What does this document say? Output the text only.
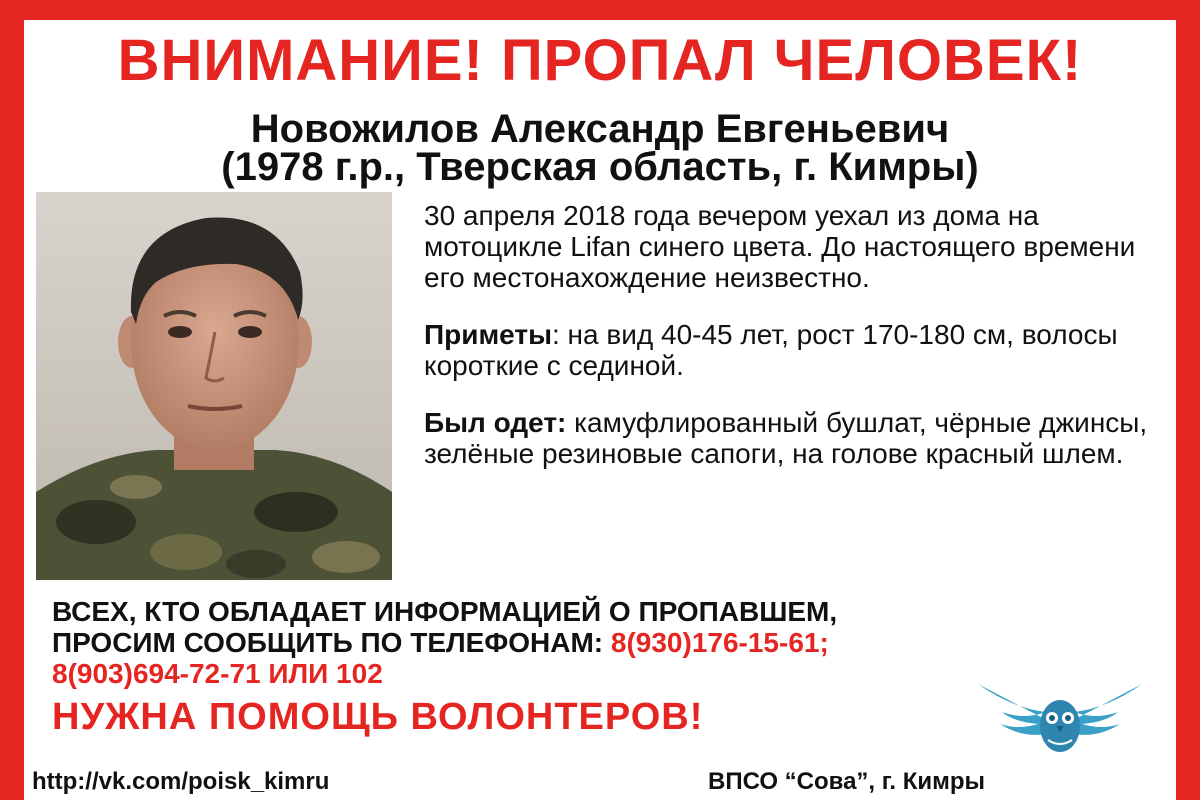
ВНИМАНИЕ! ПРОПАЛ ЧЕЛОВЕК!
Новожилов Александр Евгеньевич
(1978 г.р., Тверская область, г. Кимры)

30 апреля 2018 года вечером уехал из дома на мотоцикле Lifan синего цвета. До настоящего времени его местонахождение неизвестно.

Приметы: на вид 40-45 лет, рост 170-180 см, волосы короткие с сединой.

Был одет: камуфлированный бушлат, чёрные джинсы, зелёные резиновые сапоги, на голове красный шлем.

ВСЕХ, КТО ОБЛАДАЕТ ИНФОРМАЦИЕЙ О ПРОПАВШЕМ,
ПРОСИМ СООБЩИТЬ ПО ТЕЛЕФОНАМ: 8(930)176-15-61;
8(903)694-72-71 ИЛИ 102
НУЖНА ПОМОЩЬ ВОЛОНТЕРОВ!
http://vk.com/poisk_kimru	ВПСО “Сова”, г. Кимры
